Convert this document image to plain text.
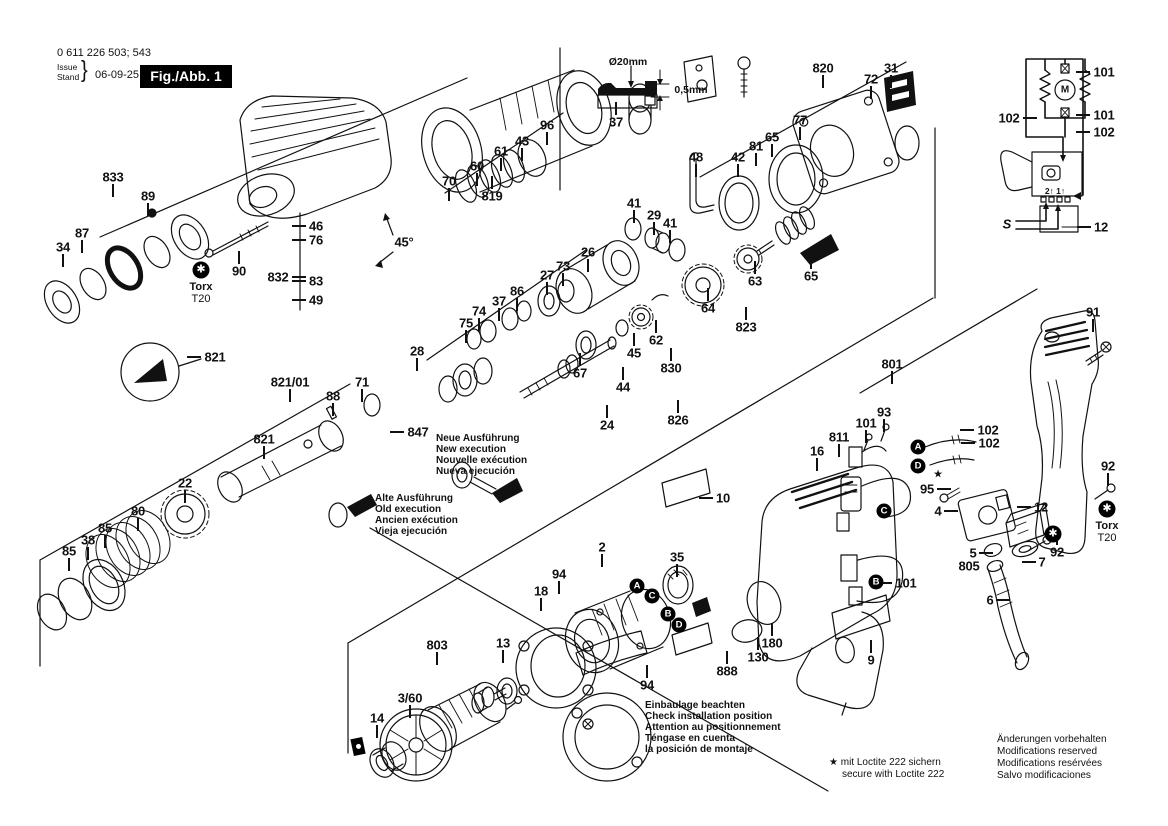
0 611 226 503; 543
Issue
Stand } 06-09-25 Fig./Abb. 1
Ø20mm
0,5mm	M
2↑ 1↑
S
Neue Ausführung
New execution
Nouvelle exécution
Nueva ejecución
Alte Ausführung
Old execution
Ancien exécution
Vieja ejecución
Einbaulage beachten
Check installation position
Attention au positionnement
Téngase en cuenta
la posición de montaje
★ mit Loctite 222 sichern
secure with Loctite 222
Änderungen vorbehalten
Modifications reserved
Modifications resérvées
Salvo modificaciones
833
89
87
34
90 832
821
46
76
83
49
45°
70
60
61
43
96
819
26
73
27
86
37
74
75
41
29
41
48 42
81
65
77
820
72
31
64
63	65
62
45
830
823
67
44
24	826
28
71
88
821/01
821	847
22
80
85
38
85
801
10
16
811
101
93
102
102
95
4	12
5
805	7
92
101
6
91
92
2
94
18
35
94
180
130
888
9
14
3/60
803	13
37
101
102	101
102
12
A
C
B
D
A
D
C
B
✱
Torx
T20
✱
Torx
T20
✱
★
